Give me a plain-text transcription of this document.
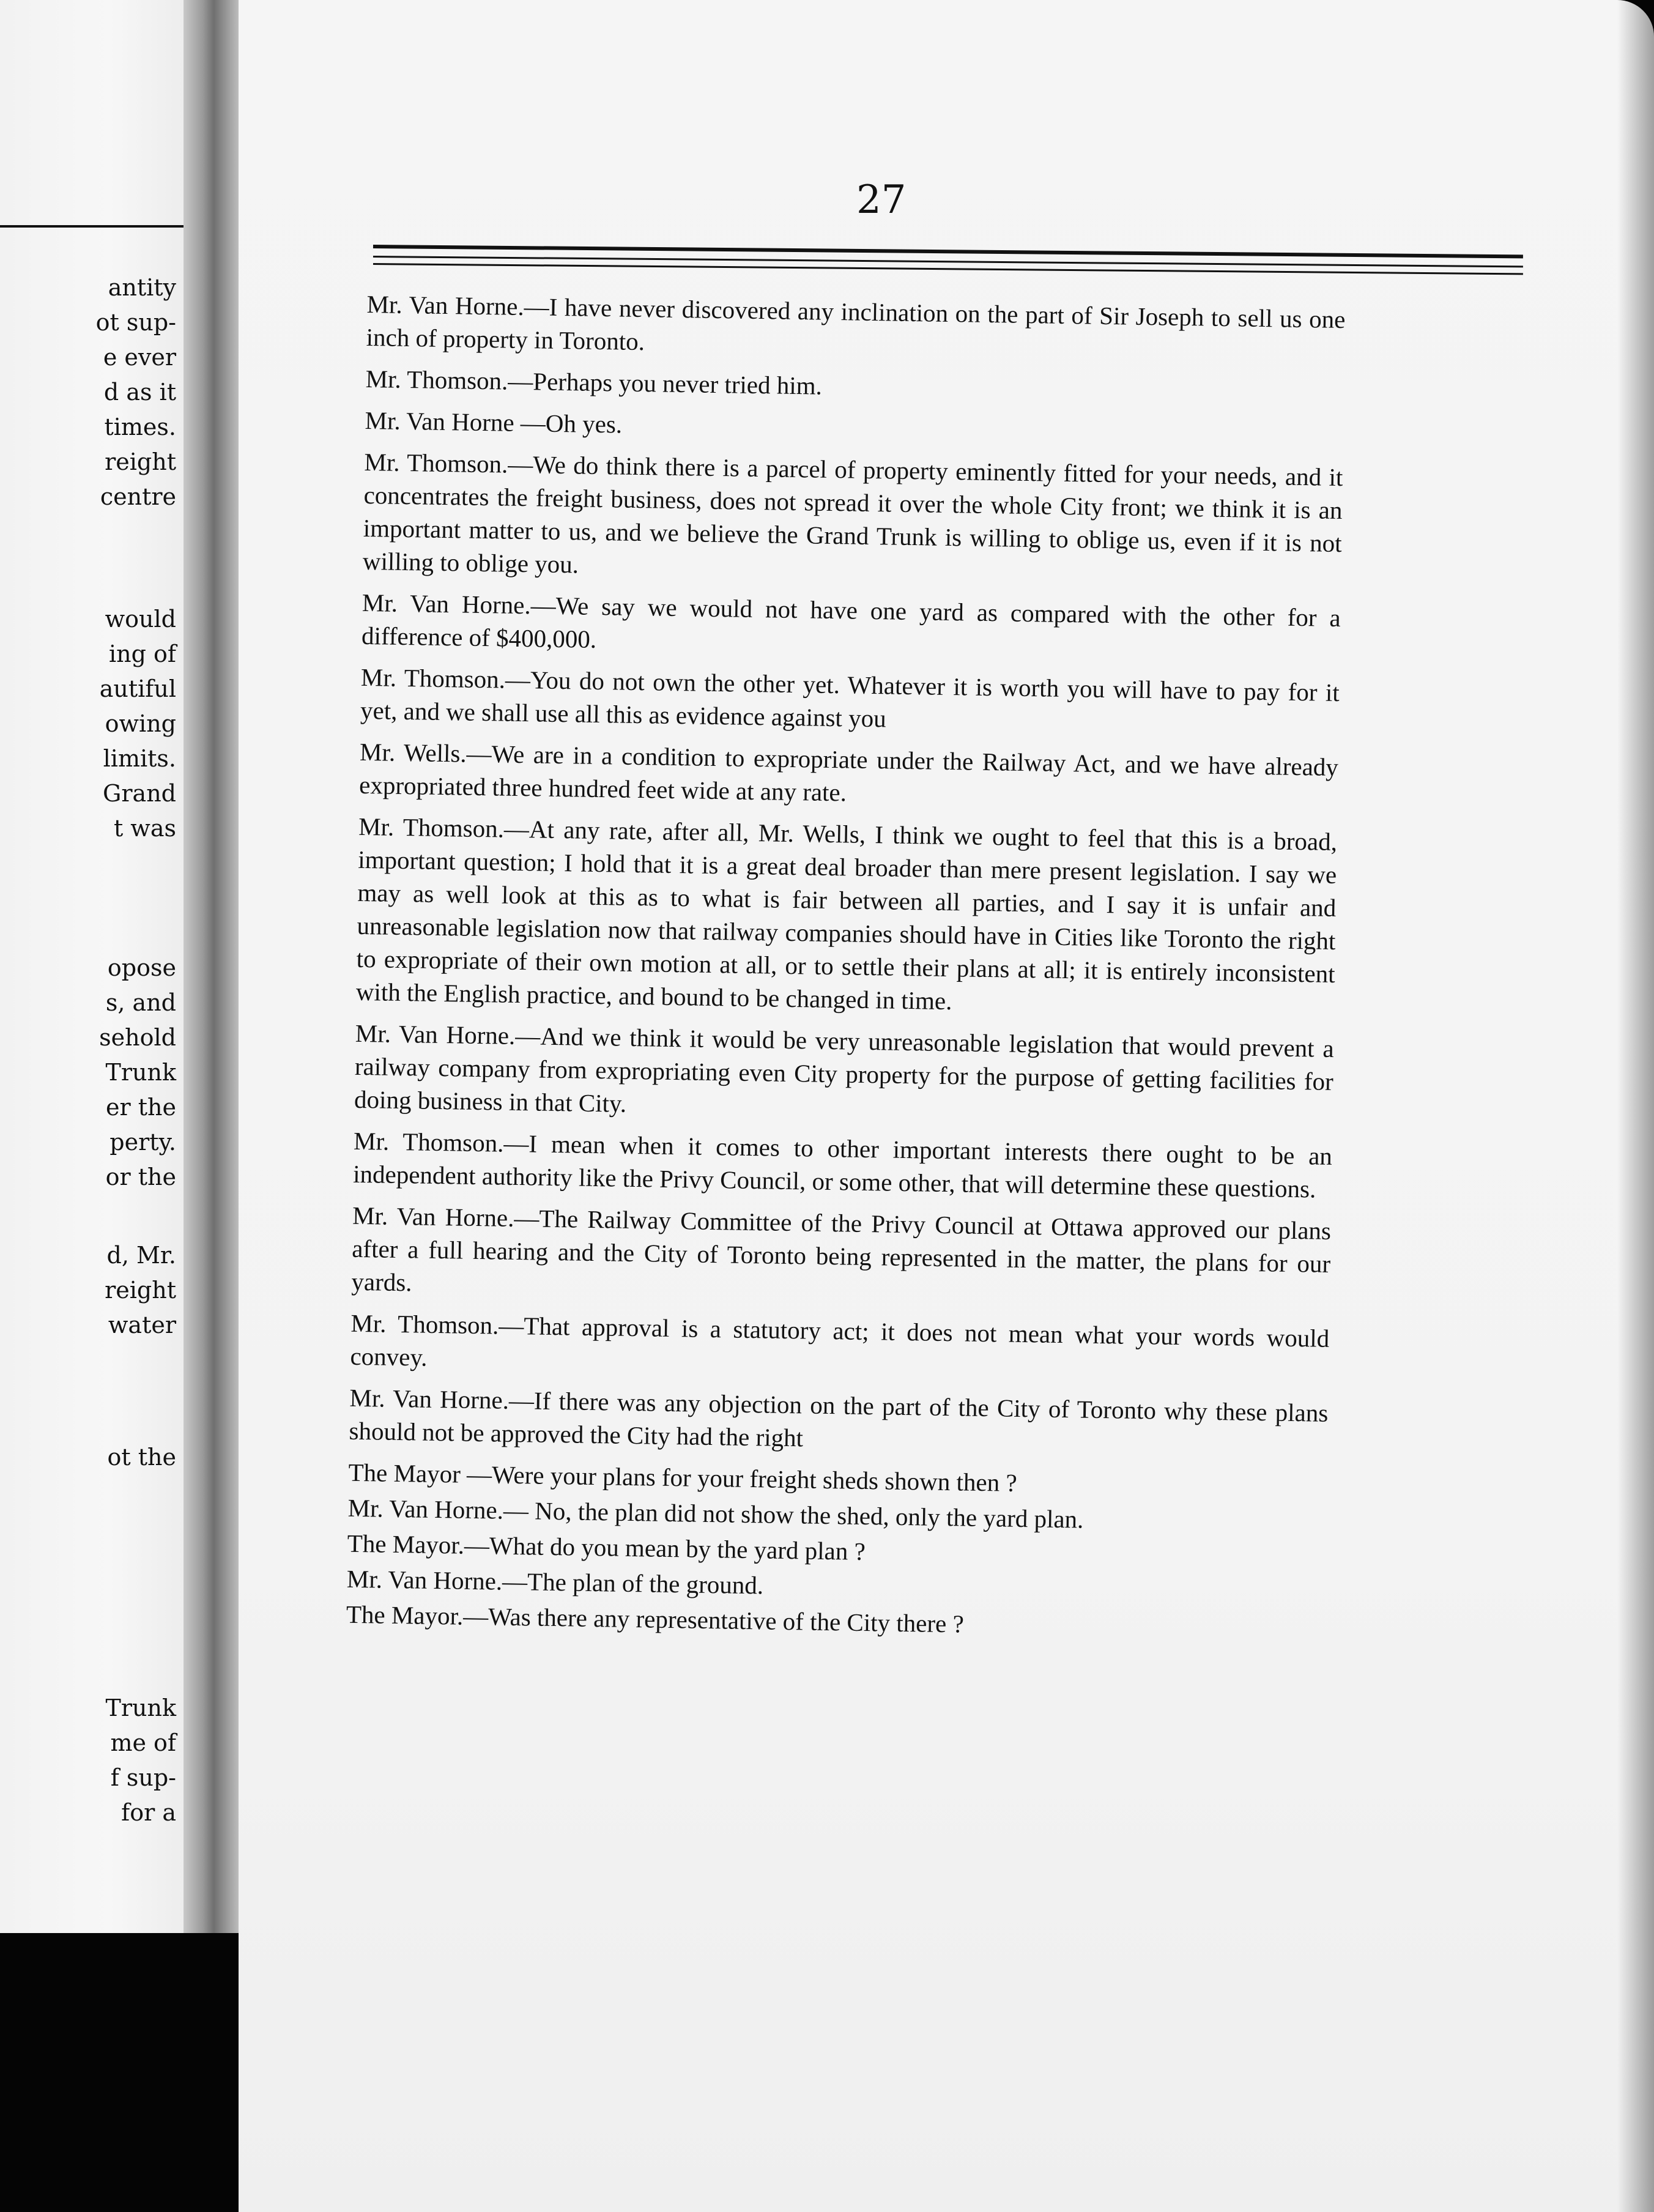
antity
ot sup-
e ever
d as it
times.
reight
centre
would
ing of
autiful
owing
limits.
Grand
t was
opose
s, and
sehold
Trunk
er the
perty.
or the
d, Mr.
reight
water
ot the
Trunk
me of
f sup-
for a
27

Mr. Van Horne.—I have never discovered any inclination on the part of Sir Joseph to sell us one inch of property in Toronto.

Mr. Thomson.—Perhaps you never tried him.

Mr. Van Horne —Oh yes.

Mr. Thomson.—We do think there is a parcel of property eminently fitted for your needs, and it concentrates the freight business, does not spread it over the whole City front; we think it is an important matter to us, and we believe the Grand Trunk is willing to oblige us, even if it is not willing to oblige you.

Mr. Van Horne.—We say we would not have one yard as compared with the other for a difference of $400,000.

Mr. Thomson.—You do not own the other yet. Whatever it is worth you will have to pay for it yet, and we shall use all this as evidence against you

Mr. Wells.—We are in a condition to expropriate under the Railway Act, and we have already expropriated three hundred feet wide at any rate.

Mr. Thomson.—At any rate, after all, Mr. Wells, I think we ought to feel that this is a broad, important question; I hold that it is a great deal broader than mere present legislation. I say we may as well look at this as to what is fair between all parties, and I say it is unfair and unreasonable legislation now that railway companies should have in Cities like Toronto the right to expropriate of their own motion at all, or to settle their plans at all; it is entirely inconsistent with the English practice, and bound to be changed in time.

Mr. Van Horne.—And we think it would be very unreasonable legislation that would prevent a railway company from expropriating even City property for the purpose of getting facilities for doing business in that City.

Mr. Thomson.—I mean when it comes to other important interests there ought to be an independent authority like the Privy Council, or some other, that will determine these questions.

Mr. Van Horne.—The Railway Committee of the Privy Council at Ottawa approved our plans after a full hearing and the City of Toronto being represented in the matter, the plans for our yards.

Mr. Thomson.—That approval is a statutory act; it does not mean what your words would convey.

Mr. Van Horne.—If there was any objection on the part of the City of Toronto why these plans should not be approved the City had the right

The Mayor —Were your plans for your freight sheds shown then ?

Mr. Van Horne.— No, the plan did not show the shed, only the yard plan.

The Mayor.—What do you mean by the yard plan ?

Mr. Van Horne.—The plan of the ground.

The Mayor.—Was there any representative of the City there ?
